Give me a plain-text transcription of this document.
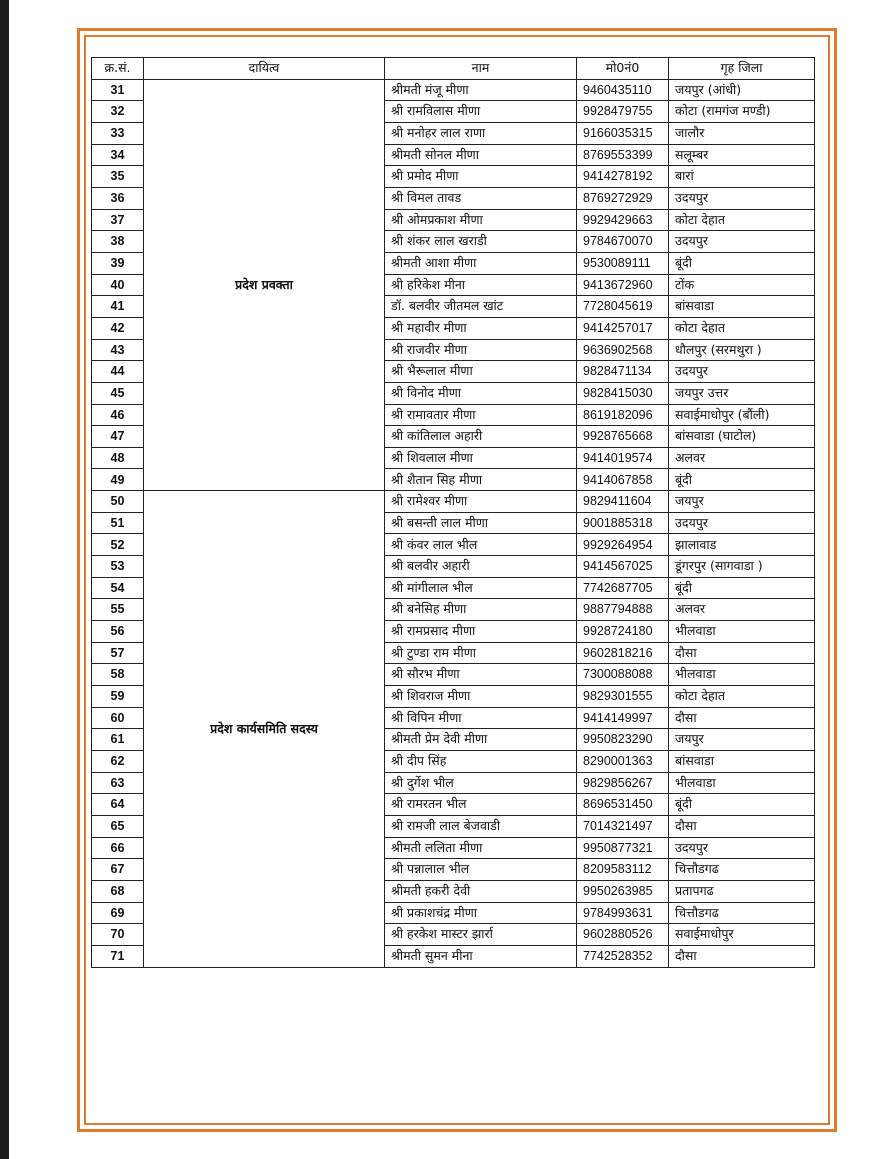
क्र.सं.	दायित्व	नाम	मो0नं0	गृह जिला
31	प्रदेश प्रवक्ता	श्रीमती मंजू मीणा	9460435110	जयपुर (आंधी)
32		श्री रामविलास मीणा	9928479755	कोटा (रामगंज मण्डी)
33		श्री मनोहर लाल राणा	9166035315	जालौर
34		श्रीमती सोनल मीणा	8769553399	सलूम्बर
35		श्री प्रमोद मीणा	9414278192	बारां
36		श्री विमल तावड	8769272929	उदयपुर
37		श्री ओमप्रकाश मीणा	9929429663	कोटा देहात
38		श्री शंकर लाल खराडी	9784670070	उदयपुर
39		श्रीमती आशा मीणा	9530089111	बूंदी
40		श्री हरिकेश मीना	9413672960	टोंक
41		डॉ. बलवीर जीतमल खांट	7728045619	बांसवाडा
42		श्री महावीर मीणा	9414257017	कोटा देहात
43		श्री राजवीर मीणा	9636902568	धौलपुर (सरमथुरा )
44		श्री भैरूलाल मीणा	9828471134	उदयपुर
45		श्री विनोद मीणा	9828415030	जयपुर उत्तर
46		श्री रामावतार मीणा	8619182096	सवाईमाधोपुर (बौंली)
47		श्री कांतिलाल अहारी	9928765668	बांसवाडा (घाटोल)
48		श्री शिवलाल मीणा	9414019574	अलवर
49		श्री शैतान सिह मीणा	9414067858	बूंदी
50	प्रदेश कार्यसमिति सदस्य	श्री रामेश्वर मीणा	9829411604	जयपुर
51		श्री बसन्ती लाल मीणा	9001885318	उदयपुर
52		श्री कंवर लाल भील	9929264954	झालावाड
53		श्री बलवीर अहारी	9414567025	डूंगरपुर (सागवाडा )
54		श्री मांगीलाल भील	7742687705	बूंदी
55		श्री बनेसिह मीणा	9887794888	अलवर
56		श्री रामप्रसाद मीणा	9928724180	भीलवाडा
57		श्री टुण्डा राम मीणा	9602818216	दौसा
58		श्री सौरभ मीणा	7300088088	भीलवाडा
59		श्री शिवराज मीणा	9829301555	कोटा देहात
60		श्री विपिन मीणा	9414149997	दौसा
61		श्रीमती प्रेम देवी मीणा	9950823290	जयपुर
62		श्री दीप सिंह	8290001363	बांसवाडा
63		श्री दुर्गेश भील	9829856267	भीलवाडा
64		श्री रामरतन भील	8696531450	बूंदी
65		श्री रामजी लाल बेजवाडी	7014321497	दौसा
66		श्रीमती ललिता मीणा	9950877321	उदयपुर
67		श्री पन्नालाल भील	8209583112	चित्तौडगढ
68		श्रीमती हकरी देवी	9950263985	प्रतापगढ
69		श्री प्रकाशचंद्र मीणा	9784993631	चित्तौडगढ
70		श्री हरकेश मास्टर झार्रा	9602880526	सवाईमाधोपुर
71		श्रीमती सुमन मीना	7742528352	दौसा
